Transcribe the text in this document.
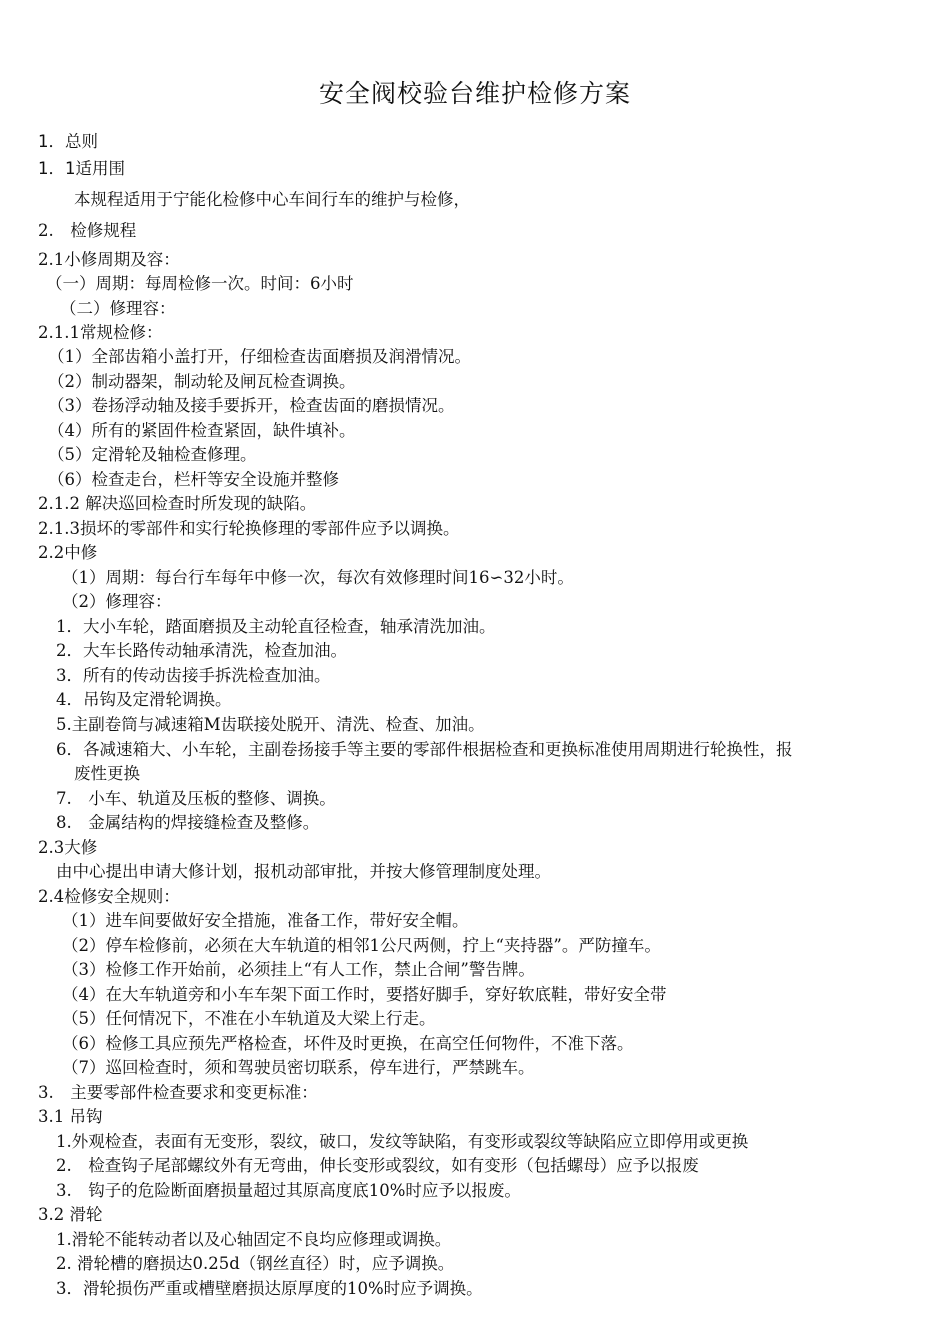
安全阀校验台维护检修方案
1．总则
1．1适用围
本规程适用于宁能化检修中心车间行车的维护与检修，
2.　检修规程
2.1小修周期及容：
（一）周期：每周检修一次。时间：6小时
（二）修理容：
2.1.1常规检修：
（1）全部齿箱小盖打开，仔细检查齿面磨损及润滑情况。
（2）制动器架，制动轮及闸瓦检查调换。
（3）卷扬浮动轴及接手要拆开，检查齿面的磨损情况。
（4）所有的紧固件检查紧固，缺件填补。
（5）定滑轮及轴检查修理。
（6）检查走台，栏杆等安全设施并整修
2.1.2 解决巡回检查时所发现的缺陷。
2.1.3损坏的零部件和实行轮换修理的零部件应予以调换。
2.2中修
（1）周期：每台行车每年中修一次，每次有效修理时间16∽32小时。
（2）修理容：
1．大小车轮，踏面磨损及主动轮直径检查，轴承清洗加油。
2．大车长路传动轴承清洗，检查加油。
3．所有的传动齿接手拆洗检查加油。
4．吊钩及定滑轮调换。
5.主副卷筒与减速箱M齿联接处脱开、清洗、检查、加油。
6．各减速箱大、小车轮，主副卷扬接手等主要的零部件根据检查和更换标准使用周期进行轮换性，报
废性更换
7.　小车、轨道及压板的整修、调换。
8.　金属结构的焊接缝检查及整修。
2.3大修
由中心提出申请大修计划，报机动部审批，并按大修管理制度处理。
2.4检修安全规则：
（1）进车间要做好安全措施，准备工作，带好安全帽。
（2）停车检修前，必须在大车轨道的相邻1公尺两侧，拧上“夹持器”。严防撞车。
（3）检修工作开始前，必须挂上“有人工作，禁止合闸”警告牌。
（4）在大车轨道旁和小车车架下面工作时，要搭好脚手，穿好软底鞋，带好安全带
（5）任何情况下，不准在小车轨道及大梁上行走。
（6）检修工具应预先严格检查，坏件及时更换，在高空任何物件，不准下落。
（7）巡回检查时，须和驾驶员密切联系，停车进行，严禁跳车。
3.　主要零部件检查要求和变更标准：
3.1 吊钩
1.外观检查，表面有无变形，裂纹，破口，发纹等缺陷，有变形或裂纹等缺陷应立即停用或更换
2.　检查钩子尾部螺纹外有无弯曲，伸长变形或裂纹，如有变形（包括螺母）应予以报废
3.　钩子的危险断面磨损量超过其原高度底10%时应予以报废。
3.2 滑轮
1.滑轮不能转动者以及心轴固定不良均应修理或调换。
2. 滑轮槽的磨损达0.25d（钢丝直径）时，应予调换。
3．滑轮损伤严重或槽壁磨损达原厚度的10%时应予调换。
